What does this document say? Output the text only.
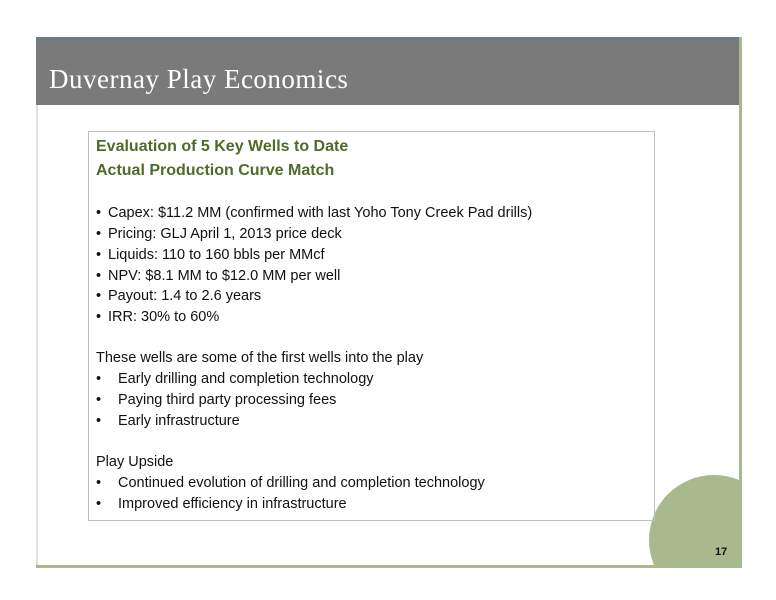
Duvernay Play Economics
Evaluation of 5 Key Wells to Date
Actual Production Curve Match
• Capex: $11.2 MM (confirmed with last Yoho Tony Creek Pad drills)
• Pricing: GLJ April 1, 2013 price deck
• Liquids: 110 to 160 bbls per MMcf
• NPV: $8.1 MM to $12.0 MM per well
• Payout: 1.4 to 2.6 years
• IRR: 30% to 60%
These wells are some of the first wells into the play
• Early drilling and completion technology
• Paying third party processing fees
• Early infrastructure
Play Upside
• Continued evolution of drilling and completion technology
• Improved efficiency in infrastructure
17
